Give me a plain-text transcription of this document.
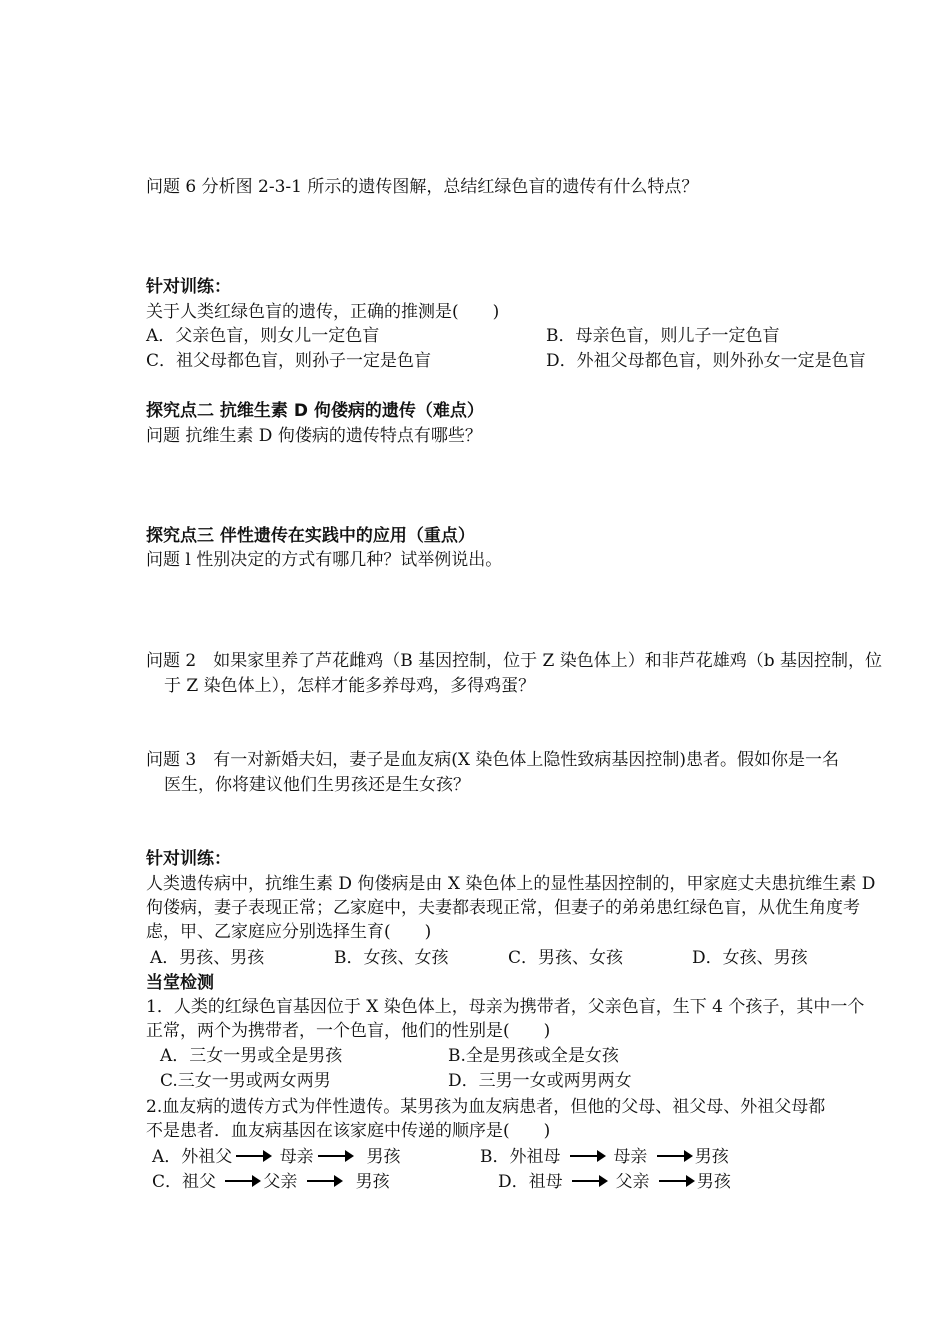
问题 6 分析图 2-3-1 所示的遗传图解，总结红绿色盲的遗传有什么特点？
针对训练：
关于人类红绿色盲的遗传，正确的推测是(　　)
A．父亲色盲，则女儿一定色盲	B．母亲色盲，则儿子一定色盲
C．祖父母都色盲，则孙子一定是色盲	D．外祖父母都色盲，则外孙女一定是色盲
探究点二 抗维生素 D 佝偻病的遗传（难点）
问题 抗维生素 D 佝偻病的遗传特点有哪些？
探究点三 伴性遗传在实践中的应用（重点）
问题 l 性别决定的方式有哪几种？试举例说出。
问题 2　如果家里养了芦花雌鸡（B 基因控制，位于 Z 染色体上）和非芦花雄鸡（b 基因控制，位
于 Z 染色体上），怎样才能多养母鸡，多得鸡蛋？
问题 3　有一对新婚夫妇，妻子是血友病(X 染色体上隐性致病基因控制)患者。假如你是一名
医生，你将建议他们生男孩还是生女孩？
针对训练：
人类遗传病中，抗维生素 D 佝偻病是由 X 染色体上的显性基因控制的，甲家庭丈夫患抗维生素 D
佝偻病，妻子表现正常；乙家庭中，夫妻都表现正常，但妻子的弟弟患红绿色盲，从优生角度考
虑，甲、乙家庭应分别选择生育(　　)
A．男孩、男孩	B．女孩、女孩	C．男孩、女孩	D．女孩、男孩
当堂检测
1．人类的红绿色盲基因位于 X 染色体上，母亲为携带者，父亲色盲，生下 4 个孩子，其中一个
正常，两个为携带者，一个色盲，他们的性别是(　　)
A．三女一男或全是男孩	B.全是男孩或全是女孩
C.三女一男或两女两男	D．三男一女或两男两女
2.血友病的遗传方式为伴性遗传。某男孩为血友病患者，但他的父母、祖父母、外祖父母都
不是患者．血友病基因在该家庭中传递的顺序是(　　)
A．外祖父	母亲	男孩	B．外祖母	母亲	男孩
C．祖父	父亲	男孩	D．祖母	父亲	男孩
